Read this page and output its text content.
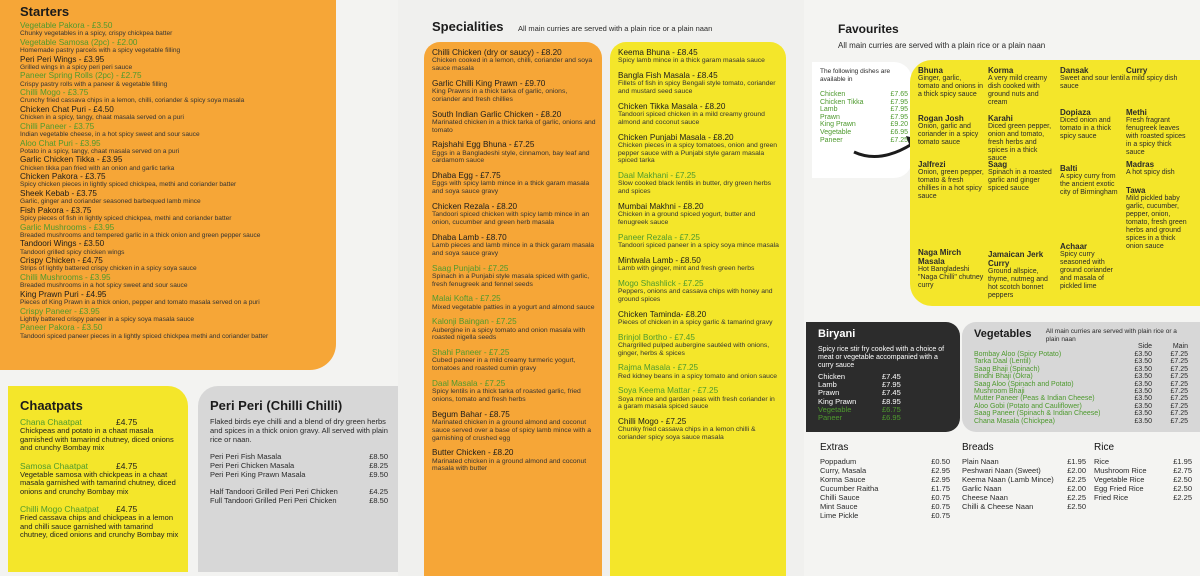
Starters
Vegetable Pakora - £3.50
Chunky vegetables in a spicy, crispy chickpea batter
Vegetable Samosa (2pc) - £2.00
Homemade pastry parcels with a spicy vegetable filling
Peri Peri Wings - £3.95
Grilled wings in a spicy peri peri sauce
Paneer Spring Rolls (2pc) - £2.75
Crispy pastry rolls with a paneer & vegetable filling
Chilli Mogo - £3.75
Crunchy fried cassava chips in a lemon, chilli, coriander & spicy soya masala
Chicken Chat Puri - £4.50
Chicken in a spicy, tangy, chaat masala served on a puri
Chilli Paneer - £3.75
Indian vegetable cheese, in a hot spicy sweet and sour sauce
Aloo Chat Puri - £3.95
Potato in a spicy, tangy, chaat masala served on a puri
Garlic Chicken Tikka - £3.95
Chicken tikka pan fried with an onion and garlic tarka
Chicken Pakora - £3.75
Spicy chicken pieces in lightly spiced chickpea, methi and coriander batter
Sheek Kebab - £3.75
Garlic, ginger and coriander seasoned barbequed lamb mince
Fish Pakora - £3.75
Spicy pieces of fish in lightly spiced chickpea, methi and coriander batter
Garlic Mushrooms - £3.95
Breaded mushrooms and tempered garlic in a thick onion and green pepper sauce
Tandoori Wings - £3.50
Tandoori grilled spicy chicken wings
Crispy Chicken - £4.75
Strips of lightly battered crispy chicken in a spicy soya sauce
Chilli Mushrooms - £3.95
Breaded mushrooms in a hot spicy sweet and sour sauce
King Prawn Puri - £4.95
Pieces of King Prawn in a thick onion, pepper and tomato masala served on a puri
Crispy Paneer - £3.95
Lightly battered crispy paneer in a spicy soya masala sauce
Paneer Pakora - £3.50
Tandoori spiced paneer pieces in a lightly spiced chickpea methi and coriander batter
Chaatpats
Chana Chaatpat	£4.75
Chickpeas and potato in a chaat masala garnished with tamarind chutney, diced onions and crunchy Bombay mix
Samosa Chaatpat	£4.75
Vegetable samosa with chickpeas in a chaat masala garnished with tamarind chutney, diced onions and crunchy Bombay mix
Chilli Mogo Chaatpat	£4.75
Fried cassava chips and chickpeas in a lemon and chilli sauce garnished with tamarind chutney, diced onions and crunchy Bombay mix
Peri Peri (Chilli Chilli)
Flaked birds eye chilli and a blend of dry green herbs and spices in a thick onion gravy. All served with plain rice or naan.
Peri Peri Fish Masala	£8.50
Peri Peri Chicken Masala	£8.25
Peri Peri King Prawn Masala	£9.50
Half Tandoori Grilled Peri Peri Chicken	£4.25
Full Tandoori Grilled Peri Peri Chicken	£8.50
Specialities All main curries are served with a plain rice or a plain naan
Chilli Chicken (dry or saucy) - £8.20
Chicken cooked in a lemon, chilli, coriander and soya sauce masala
Garlic Chilli King Prawn - £9.70
King Prawns in a thick tarka of garlic, onions, coriander and fresh chillies
South Indian Garlic Chicken - £8.20
Marinated chicken in a thick tarka of garlic, onions and tomato
Rajshahi Egg Bhuna - £7.25
Eggs in a Bangladeshi style, cinnamon, bay leaf and cardamom sauce
Dhaba Egg - £7.75
Eggs with spicy lamb mince in a thick garam masala and soya sauce gravy
Chicken Rezala - £8.20
Tandoori spiced chicken with spicy lamb mince in an onion, cucumber and green herb masala
Dhaba Lamb - £8.70
Lamb pieces and lamb mince in a thick garam masala and soya sauce gravy
Saag Punjabi - £7.25
Spinach in a Punjabi style masala spiced with garlic, fresh fenugreek and fennel seeds
Malai Kofta - £7.25
Mixed vegetable patties in a yogurt and almond sauce
Kalonji Baingan - £7.25
Aubergine in a spicy tomato and onion masala with roasted nigella seeds
Shahi Paneer - £7.25
Cubed paneer in a mild creamy turmeric yogurt, tomatoes and roasted cumin gravy
Daal Masala - £7.25
Spicy lentils in a thick tarka of roasted garlic, fried onions, tomato and fresh herbs
Begum Bahar - £8.75
Marinated chicken in a ground almond and coconut sauce served over a base of spicy lamb mince with a garnishing of crushed egg
Butter Chicken - £8.20
Marinated chicken in a ground almond and coconut masala with butter
Keema Bhuna - £8.45
Spicy lamb mince in a thick garam masala sauce
Bangla Fish Masala - £8.45
Fillets of fish in spicy Bengali style tomato, coriander and mustard seed sauce
Chicken Tikka Masala - £8.20
Tandoori spiced chicken in a mild creamy ground almond and coconut sauce
Chicken Punjabi Masala - £8.20
Chicken pieces in a spicy tomatoes, onion and green pepper sauce with a Punjabi style garam masala spiced tarka
Daal Makhani - £7.25
Slow cooked black lentils in butter, dry green herbs and spices
Mumbai Makhni - £8.20
Chicken in a ground spiced yogurt, butter and fenugreek sauce
Paneer Rezala - £7.25
Tandoori spiced paneer in a spicy soya mince masala
Mintwala Lamb - £8.50
Lamb with ginger, mint and fresh green herbs
Mogo Shashlick - £7.25
Peppers, onions and cassava chips with honey and ground spices
Chicken Taminda- £8.20
Pieces of chicken in a spicy garlic & tamarind gravy
Brinjol Bortho - £7.45
Chargrilled pulped aubergine sautéed with onions, ginger, herbs & spices
Rajma Masala - £7.25
Red kidney beans in a spicy tomato and onion sauce
Soya Keema Mattar - £7.25
Soya mince and garden peas with fresh coriander in a garam masala spiced sauce
Chilli Mogo - £7.25
Chunky fried cassava chips in a lemon chilli & coriander spicy soya sauce masala
Favourites
All main curries are served with a plain rice or a plain naan
The following dishes are available in
Chicken	£7.65
Chicken Tikka	£7.95
Lamb	£7.95
Prawn	£7.95
King Prawn	£9.20
Vegetable	£6.95
Paneer	£7.25
Bhuna
Ginger, garlic, tomato and onions in a thick spicy sauce
Korma
A very mild creamy dish cooked with ground nuts and cream
Dansak
Sweet and sour lentil sauce
Curry
a mild spicy dish
Rogan Josh
Onion, garlic and coriander in a spicy tomato sauce
Karahi
Diced green pepper, onion and tomato, fresh herbs and spices in a thick sauce
Dopiaza
Diced onion and tomato in a thick spicy sauce
Methi
Fresh fragrant fenugreek leaves with roasted spices in a spicy thick sauce
Jalfrezi
Onion, green pepper, tomato & fresh chillies in a hot spicy sauce
Saag
Spinach in a roasted garlic and ginger spiced sauce
Balti
A spicy curry from the ancient exotic city of Birmingham
Madras
A hot spicy dish
Tawa
Mild pickled baby garlic, cucumber, pepper, onion, tomato, fresh green herbs and ground spices in a thick onion sauce
Naga Mirch Masala
Hot Bangladeshi "Naga Chilli" chutney curry
Jamaican Jerk Curry
Ground allspice, thyme, nutmeg and hot scotch bonnet peppers
Achaar
Spicy curry seasoned with ground coriander and masala of pickled lime
Biryani
Spicy rice stir fry cooked with a choice of meat or vegetable accompanied with a curry sauce
Chicken	£7.45
Lamb	£7.95
Prawn	£7.45
King Prawn	£8.95
Vegetable	£6.75
Paneer	£6.95
Vegetables	All main curries are served with plain rice or a plain naan
Side	Main
Bombay Aloo (Spicy Potato)	£3.50	£7.25
Tarka Daal (Lentil)	£3.50	£7.25
Saag Bhaji (Spinach)	£3.50	£7.25
Bindhi Bhaji (Okra)	£3.50	£7.25
Saag Aloo (Spinach and Potato)	£3.50	£7.25
Mushroom Bhaji	£3.50	£7.25
Mutter Paneer (Peas & Indian Cheese)	£3.50	£7.25
Aloo Gobi (Potato and Cauliflower)	£3.50	£7.25
Saag Paneer (Spinach & Indian Cheese)	£3.50	£7.25
Chana Masala (Chickpea)	£3.50	£7.25
Extras
Poppadum	£0.50
Curry, Masala	£2.95
Korma Sauce	£2.95
Cucumber Raitha	£1.75
Chilli Sauce	£0.75
Mint Sauce	£0.75
Lime Pickle	£0.75
Breads
Plain Naan	£1.95
Peshwari Naan (Sweet)	£2.00
Keema Naan (Lamb Mince) £2.25
Garlic Naan	£2.00
Cheese Naan	£2.25
Chilli & Cheese Naan	£2.50
Rice
Rice	£1.95
Mushroom Rice	£2.75
Vegetable Rice	£2.50
Egg Fried Rice	£2.50
Fried Rice	£2.25
